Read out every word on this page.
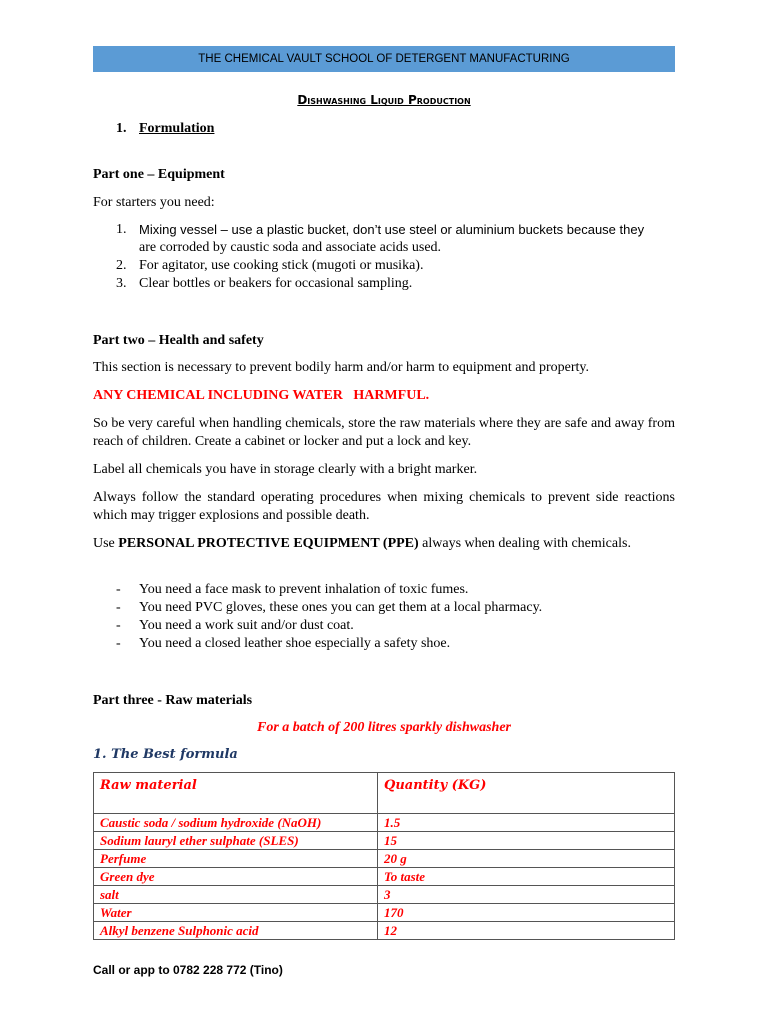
THE CHEMICAL VAULT SCHOOL OF DETERGENT MANUFACTURING
Dishwashing Liquid Production
1. Formulation
Part one – Equipment
For starters you need:
1. Mixing vessel – use a plastic bucket, don’t use steel or aluminium buckets because they
are corroded by caustic soda and associate acids used.
2. For agitator, use cooking stick (mugoti or musika).
3. Clear bottles or beakers for occasional sampling.
Part two – Health and safety
This section is necessary to prevent bodily harm and/or harm to equipment and property.
ANY CHEMICAL INCLUDING WATER   HARMFUL.
So be very careful when handling chemicals, store the raw materials where they are safe and away from reach of children. Create a cabinet or locker and put a lock and key.
Label all chemicals you have in storage clearly with a bright marker.
Always follow the standard operating procedures when mixing chemicals to prevent side reactions which may trigger explosions and possible death.
Use PERSONAL PROTECTIVE EQUIPMENT (PPE) always when dealing with chemicals.
- You need a face mask to prevent inhalation of toxic fumes.
- You need PVC gloves, these ones you can get them at a local pharmacy.
- You need a work suit and/or dust coat.
- You need a closed leather shoe especially a safety shoe.
Part three - Raw materials
For a batch of 200 litres sparkly dishwasher
1. The Best formula
Raw material	Quantity (KG)
Caustic soda / sodium hydroxide (NaOH)	1.5
Sodium lauryl ether sulphate (SLES)	15
Perfume	20 g
Green dye	To taste
salt	3
Water	170
Alkyl benzene Sulphonic acid	12
Call or app to 0782 228 772 (Tino)
